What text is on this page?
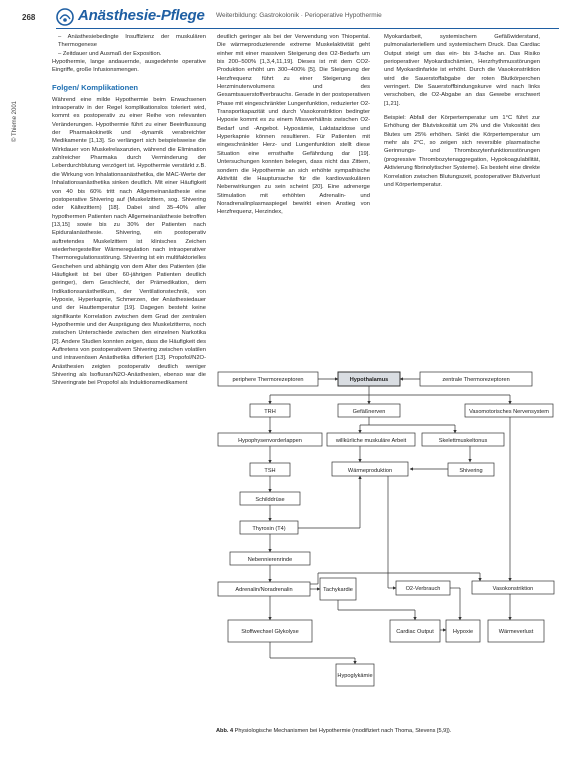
268	Anästhesie-Pflege Weiterbildung: Gastrokolonik · Perioperative Hypothermie
© Thieme 2001

– Anästhesiebedingte Insuffizienz der muskulären Thermogenese

– Zeitdauer und Ausmaß der Exposition.

Hypothermie, lange andauernde, ausgedehnte operative Eingriffe, große Infusionsmengen.

Folgen/ Komplikationen

Während eine milde Hypothermie beim Erwachsenen intraoperativ in der Regel komplikationslos toleriert wird, kommt es postoperativ zu einer Reihe von relevanten Veränderungen. Hypothermie führt zu einer Beeinflussung der Pharmakokinetik und -dynamik verabreichter Medikamente [1,13]. So verlängert sich beispielsweise die Wirkdauer von Muskelrelaxanzien, während die Elimination zahlreicher Pharmaka durch Verminderung der Leberdurchblutung verzögert ist. Hypothermie verstärkt z.B. die Wirkung von Inhalationsanästhetika, die MAC-Werte der Inhalationsanästhetika sinken deutlich. Mit einer Häufigkeit von 40 bis 60% tritt nach Allgemeinanästhesie eine postoperative Shivering auf (Muskelzittern, sog. Shivering oder Kältezittern) [18]. Dabei sind 35–40% aller hypothermen Patienten nach Allgemeinanästhesie betroffen [13,15] sowie bis zu 30% der Patienten nach Epiduralanästhesie. Shivering, ein postoperativ auftretendes Muskelzittern ist klinisches Zeichen wiederhergestellter Wärmeregulation nach intraoperativer Thermoregulationsstörung. Shivering ist ein multifaktorielles Geschehen und abhängig von dem Alter des Patienten (die Häufigkeit ist bei über 60-jährigen Patienten deutlich geringer), dem Geschlecht, der Prämedikation, dem Indikationsanästhetikum, der Ventilationstechnik, von Hypoxie, Hyperkapnie, Schmerzen, der Anästhesiedauer und der Hauttemperatur [19]. Dagegen besteht keine signifikante Korrelation zwischen dem Grad der zentralen Hypothermie und der Ausprägung des Muskelzitterns, noch zwischen Unterschiede zwischen den einzelnen Narkotika [2]. Andere Studien konnten zeigen, dass die Häufigkeit des Auftretens von postoperativem Shivering zwischen volatilen und intravenösen Anästhetika differiert [13]. Propofol/N2O-Anästhesien zeigten postoperativ deutlich weniger Shivering als Isofluran/N2O-Anästhesien, ebenso war die Shiveringrate bei Propofol als Induktionsmedikament

deutlich geringer als bei der Verwendung von Thiopental. Die wärmeproduzierende extreme Muskelaktivität geht einher mit einer massiven Steigerung des O2-Bedarfs um bis 200–500% [1,3,4,11,19]. Dieses ist mit dem CO2-Produktion erhöht um 300–400% [5]. Die Steigerung der Herzfrequenz führt zu einer Steigerung des Herzminutenvolumens und des Gesamtsauerstoffverbrauchs. Gerade in der postoperativen Phase mit eingeschränkter Lungenfunktion, reduzierter O2-Transportkapazität und durch Vasokonstriktion bedingter Hypoxie kommt es zu einem Missverhältnis zwischen O2-Bedarf und -Angebot. Hypoxämie, Laktatazidose und Hyperkapnie können resultieren. Für Patienten mit eingeschränkter Herz- und Lungenfunktion stellt diese Situation eine ernsthafte Gefährdung dar [19]. Untersuchungen konnten belegen, dass nicht das Zittern, sondern die Hypothermie an sich erhöhte sympathische Aktivität die Hauptursache für die kardiovaskulären Nebenwirkungen zu sein scheint [20]. Eine adrenerge Stimulation mit erhöhten Adrenalin- und Noradrenalinplasmaspiegel bewirkt einen Anstieg von Herzfrequenz, Herzindex,

Myokardarbeit, systemischem Gefäßwiderstand, pulmonalarteriellem und systemischem Druck. Das Cardiac Output steigt um das ein- bis 3-fache an. Das Risiko perioperativer Myokardischämien, Herzrhythmusstörungen und Myokardinfarkte ist erhöht. Durch die Vasokonstriktion wird die Sauerstoffabgabe der roten Blutkörperchen verringert. Die Sauerstoffbindungskurve wird nach links verschoben, die O2-Abgabe an das Gewebe erschwert [1,21].

Beispiel: Abfall der Körpertemperatur um 1°C führt zur Erhöhung der Blutviskosität um 2% und die Viskosität des Blutes um 25% erhöhen. Sinkt die Körpertemperatur um mehr als 2°C, so zeigen sich reversible plasmatische Gerinnungs- und Thrombozytenfunktionsstörungen (progressive Thrombozytenaggregation, Hypokoagulabilität, Aktivierung fibrinolytischer Systeme). Es besteht eine direkte Korrelation zwischen Blutungszeit, postoperativer Blutverlust und Körpertemperatur.

periphere Thermorezeptoren	Hypothalamus	zentrale Thermorezeptoren
TRH	Gefäßnerven	Vasomotorisches Nervensystem
Hypophysenvorderlappen	willkürliche muskuläre Arbeit	Skelettmuskeltonus
TSH	Wärmeproduktion	Shivering
Schilddrüse
Thyroxin (T4)
Nebennierenrinde
Vasokonstriktion
Adrenalin/Noradrenalin	Tachykardie	O2-Verbrauch
Stoffwechsel Glykolyse	Cardiac Output	Hypoxie	Wärmeverlust
Hypoglykämie
Abb. 4 Physiologische Mechanismen bei Hypothermie (modifiziert nach Thoma, Stevens [5,9]).
